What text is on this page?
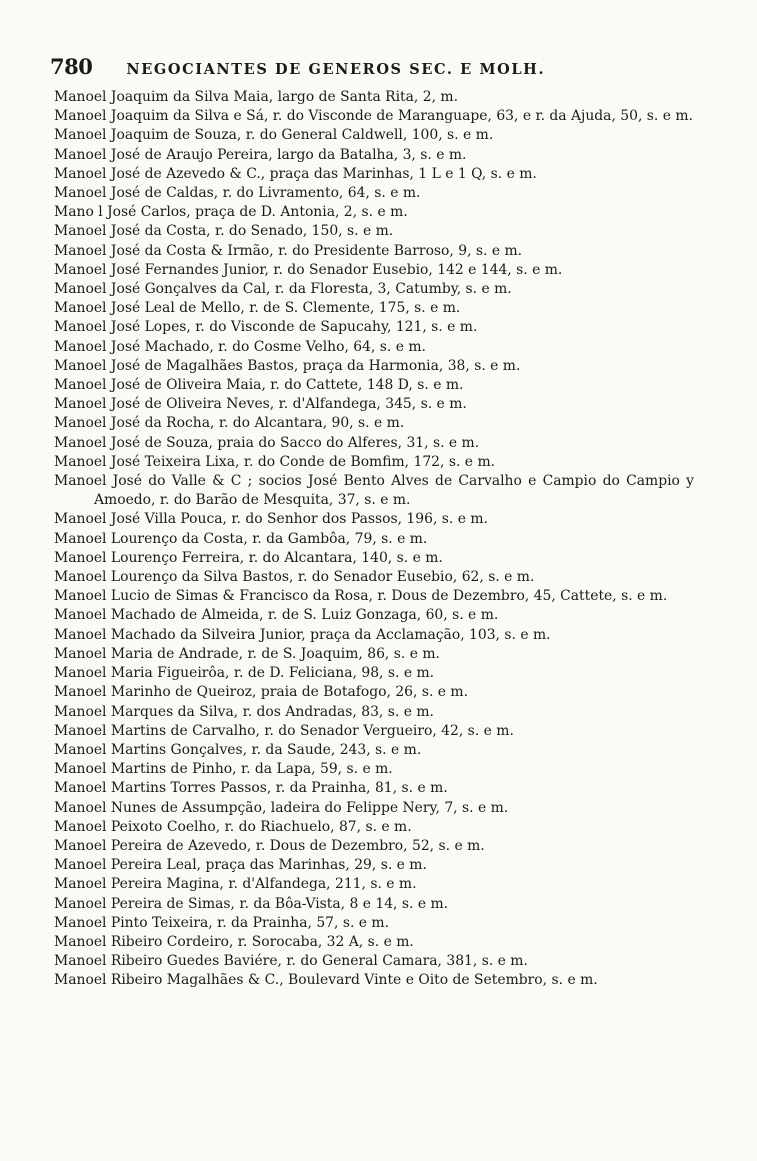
780 NEGOCIANTES DE GENEROS SEC. E MOLH.
Manoel Joaquim da Silva Maia, largo de Santa Rita, 2, m.
Manoel Joaquim da Silva e Sá, r. do Visconde de Maranguape, 63, e r. da Ajuda, 50, s. e m.
Manoel Joaquim de Souza, r. do General Caldwell, 100, s. e m.
Manoel José de Araujo Pereira, largo da Batalha, 3, s. e m.
Manoel José de Azevedo & C., praça das Marinhas, 1 L e 1 Q, s. e m.
Manoel José de Caldas, r. do Livramento, 64, s. e m.
Mano l José Carlos, praça de D. Antonia, 2, s. e m.
Manoel José da Costa, r. do Senado, 150, s. e m.
Manoel José da Costa & Irmão, r. do Presidente Barroso, 9, s. e m.
Manoel José Fernandes Junior, r. do Senador Eusebio, 142 e 144, s. e m.
Manoel José Gonçalves da Cal, r. da Floresta, 3, Catumby, s. e m.
Manoel José Leal de Mello, r. de S. Clemente, 175, s. e m.
Manoel José Lopes, r. do Visconde de Sapucahy, 121, s. e m.
Manoel José Machado, r. do Cosme Velho, 64, s. e m.
Manoel José de Magalhães Bastos, praça da Harmonia, 38, s. e m.
Manoel José de Oliveira Maia, r. do Cattete, 148 D, s. e m.
Manoel José de Oliveira Neves, r. d'Alfandega, 345, s. e m.
Manoel José da Rocha, r. do Alcantara, 90, s. e m.
Manoel José de Souza, praia do Sacco do Alferes, 31, s. e m.
Manoel José Teixeira Lixa, r. do Conde de Bomfim, 172, s. e m.
Manoel José do Valle & C ; socios José Bento Alves de Carvalho e Campio do Campio y Amoedo, r. do Barão de Mesquita, 37, s. e m.
Manoel José Villa Pouca, r. do Senhor dos Passos, 196, s. e m.
Manoel Lourenço da Costa, r. da Gambôa, 79, s. e m.
Manoel Lourenço Ferreira, r. do Alcantara, 140, s. e m.
Manoel Lourenço da Silva Bastos, r. do Senador Eusebio, 62, s. e m.
Manoel Lucio de Simas & Francisco da Rosa, r. Dous de Dezembro, 45, Cattete, s. e m.
Manoel Machado de Almeida, r. de S. Luiz Gonzaga, 60, s. e m.
Manoel Machado da Silveira Junior, praça da Acclamação, 103, s. e m.
Manoel Maria de Andrade, r. de S. Joaquim, 86, s. e m.
Manoel Maria Figueirôa, r. de D. Feliciana, 98, s. e m.
Manoel Marinho de Queiroz, praia de Botafogo, 26, s. e m.
Manoel Marques da Silva, r. dos Andradas, 83, s. e m.
Manoel Martins de Carvalho, r. do Senador Vergueiro, 42, s. e m.
Manoel Martins Gonçalves, r. da Saude, 243, s. e m.
Manoel Martins de Pinho, r. da Lapa, 59, s. e m.
Manoel Martins Torres Passos, r. da Prainha, 81, s. e m.
Manoel Nunes de Assumpção, ladeira do Felippe Nery, 7, s. e m.
Manoel Peixoto Coelho, r. do Riachuelo, 87, s. e m.
Manoel Pereira de Azevedo, r. Dous de Dezembro, 52, s. e m.
Manoel Pereira Leal, praça das Marinhas, 29, s. e m.
Manoel Pereira Magina, r. d'Alfandega, 211, s. e m.
Manoel Pereira de Simas, r. da Bôa-Vista, 8 e 14, s. e m.
Manoel Pinto Teixeira, r. da Prainha, 57, s. e m.
Manoel Ribeiro Cordeiro, r. Sorocaba, 32 A, s. e m.
Manoel Ribeiro Guedes Baviére, r. do General Camara, 381, s. e m.
Manoel Ribeiro Magalhães & C., Boulevard Vinte e Oito de Setembro, s. e m.
